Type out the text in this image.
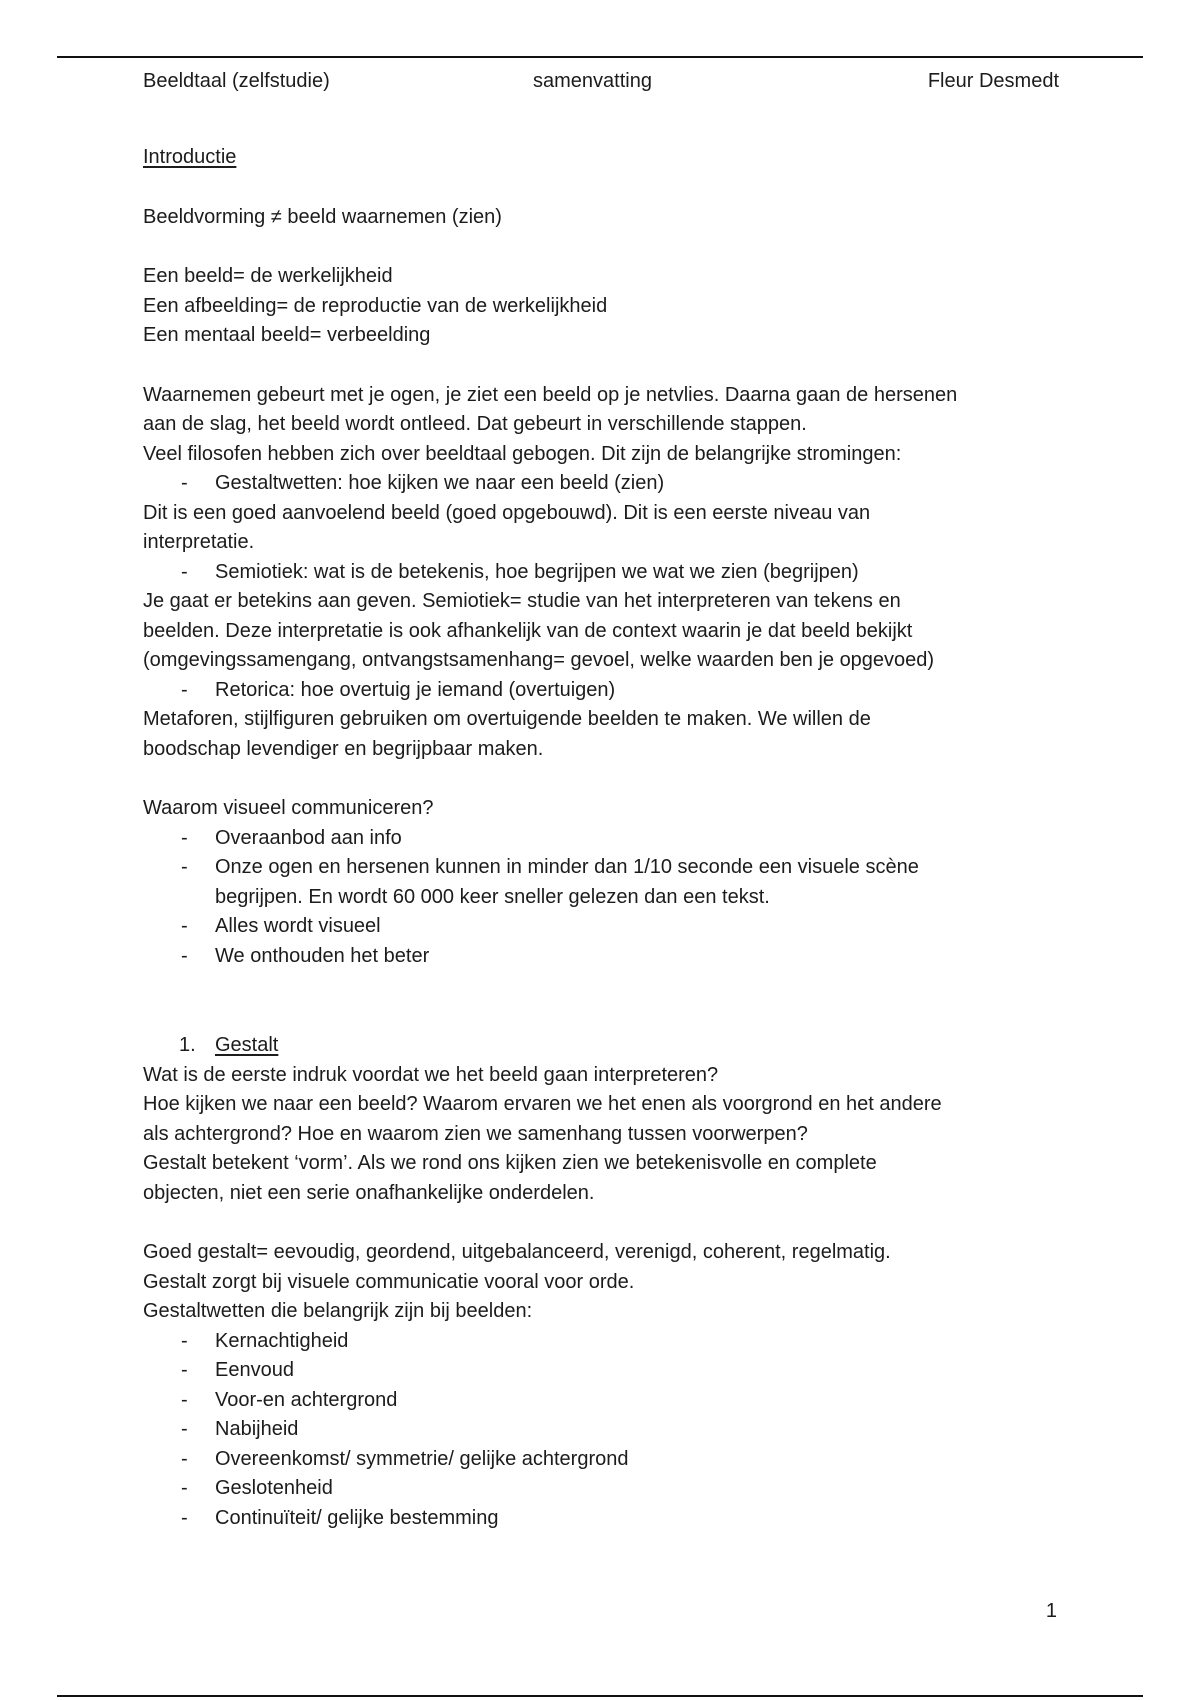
Beeldtaal (zelfstudie)	samenvatting	Fleur Desmedt
Introductie
Beeldvorming ≠ beeld waarnemen (zien)
Een beeld= de werkelijkheid
Een afbeelding= de reproductie van de werkelijkheid
Een mentaal beeld= verbeelding
Waarnemen gebeurt met je ogen, je ziet een beeld op je netvlies. Daarna gaan de hersenen
aan de slag, het beeld wordt ontleed. Dat gebeurt in verschillende stappen.
Veel filosofen hebben zich over beeldtaal gebogen. Dit zijn de belangrijke stromingen:
- Gestaltwetten: hoe kijken we naar een beeld (zien)
Dit is een goed aanvoelend beeld (goed opgebouwd). Dit is een eerste niveau van
interpretatie.
- Semiotiek: wat is de betekenis, hoe begrijpen we wat we zien (begrijpen)
Je gaat er betekins aan geven. Semiotiek= studie van het interpreteren van tekens en
beelden. Deze interpretatie is ook afhankelijk van de context waarin je dat beeld bekijkt
(omgevingssamengang, ontvangstsamenhang= gevoel, welke waarden ben je opgevoed)
- Retorica: hoe overtuig je iemand (overtuigen)
Metaforen, stijlfiguren gebruiken om overtuigende beelden te maken. We willen de
boodschap levendiger en begrijpbaar maken.
Waarom visueel communiceren?
- Overaanbod aan info
- Onze ogen en hersenen kunnen in minder dan 1/10 seconde een visuele scène
begrijpen. En wordt 60 000 keer sneller gelezen dan een tekst.
- Alles wordt visueel
- We onthouden het beter
1. Gestalt
Wat is de eerste indruk voordat we het beeld gaan interpreteren?
Hoe kijken we naar een beeld? Waarom ervaren we het enen als voorgrond en het andere
als achtergrond? Hoe en waarom zien we samenhang tussen voorwerpen?
Gestalt betekent ‘vorm’. Als we rond ons kijken zien we betekenisvolle en complete
objecten, niet een serie onafhankelijke onderdelen.
Goed gestalt= eevoudig, geordend, uitgebalanceerd, verenigd, coherent, regelmatig.
Gestalt zorgt bij visuele communicatie vooral voor orde.
Gestaltwetten die belangrijk zijn bij beelden:
- Kernachtigheid
- Eenvoud
- Voor-en achtergrond
- Nabijheid
- Overeenkomst/ symmetrie/ gelijke achtergrond
- Geslotenheid
- Continuïteit/ gelijke bestemming
1
